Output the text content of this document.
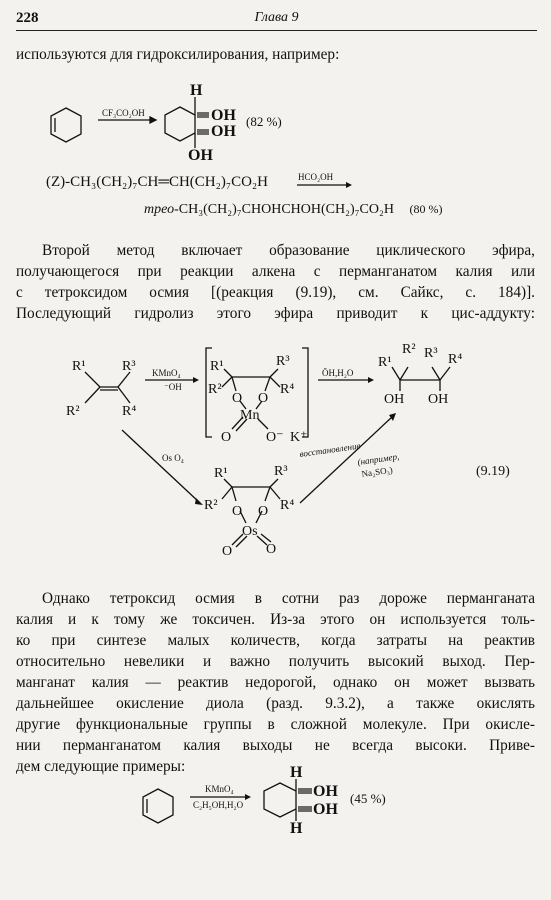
228	Глава 9

используются для гидроксилирования, например:

CF₃CO₂OH
H
OH
OH
OH
(82 %)
(Z)-CH₃(CH₂)₇CH═CH(CH₂)₇CO₂H	HCO₂OH
трео-CH₃(CH₂)₇CHOHCHOH(CH₂)₇CO₂H (80 %)

Второй метод включает образование циклического эфира,

получающегося при реакции алкена с перманганатом калия или

с тетроксидом осмия [(реакция (9.19), см. Сайкс, с. 184)].

Последующий гидролиз этого эфира приводит к цис-аддукту:

R¹
R²
R³
R⁴
KMnO₄
⁻OH
R¹
R²
R³
R⁴
O O
Mn
O O⁻ K⁺
ŌH,H₂O
R¹
R² R³ R⁴
OH OH
Os O₄	восстановление
(например,
Na₂SO₃)	(9.19)
R¹
R²
R³
R⁴
O O
Os
O O

Однако тетроксид осмия в сотни раз дороже перманганата

калия и к тому же токсичен. Из-за этого он используется толь-

ко при синтезе малых количеств, когда затраты на реактив

относительно невелики и важно получить высокий выход. Пер-

манганат калия — реактив недорогой, однако он может вызвать

дальнейшее окисление диола (разд. 9.3.2), а также окислять

другие функциональные группы в сложной молекуле. При окисле-

нии перманганатом калия выходы не всегда высоки. Приве-

дем следующие примеры:

KMnO₄
C₂H₅OH,H₂O
H
OH
OH
H
(45 %)
